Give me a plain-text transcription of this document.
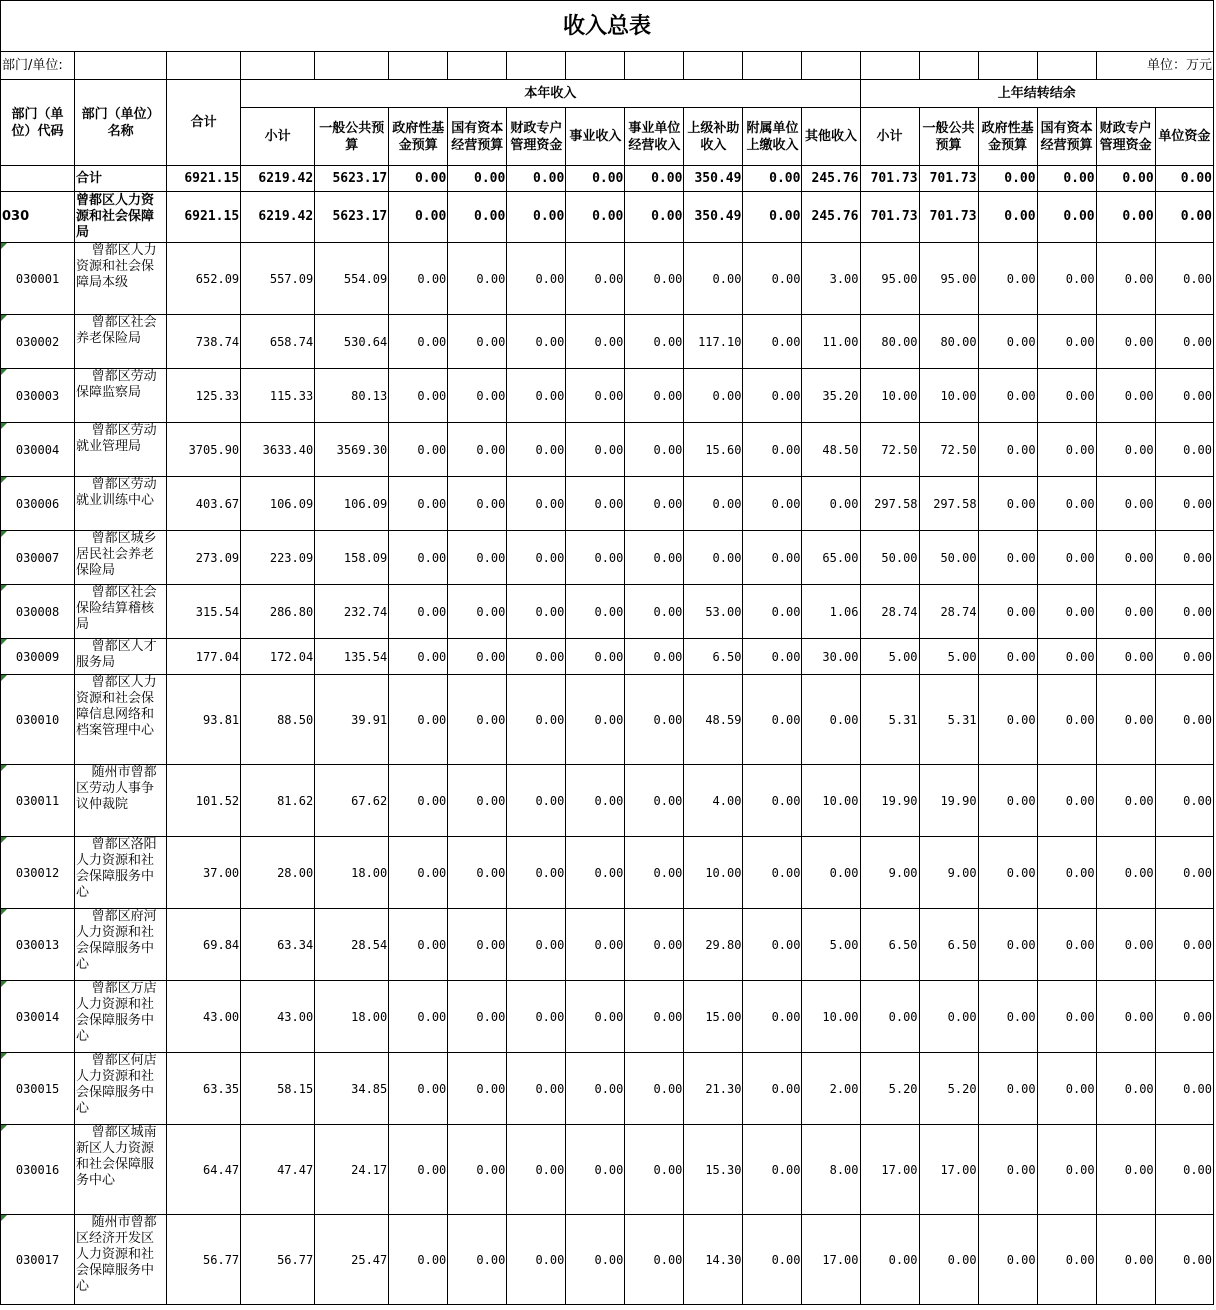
收入总表																		
部门/单位:																	单位：万元	
部门（单位）代码	部门（单位）名称	合计	本年收入										上年结转结余					
			小计	一般公共预算	政府性基金预算	国有资本经营预算	财政专户管理资金	事业收入	事业单位经营收入	上级补助收入	附属单位上缴收入	其他收入	小计	一般公共预算	政府性基金预算	国有资本经营预算	财政专户管理资金	单位资金
	合计	6921.15	6219.42	5623.17	0.00	0.00	0.00	0.00	0.00	350.49	0.00	245.76	701.73	701.73	0.00	0.00	0.00	0.00
030	曾都区人力资源和社会保障局	6921.15	6219.42	5623.17	0.00	0.00	0.00	0.00	0.00	350.49	0.00	245.76	701.73	701.73	0.00	0.00	0.00	0.00
030001	曾都区人力资源和社会保障局本级	652.09	557.09	554.09	0.00	0.00	0.00	0.00	0.00	0.00	0.00	3.00	95.00	95.00	0.00	0.00	0.00	0.00
030002	曾都区社会养老保险局	738.74	658.74	530.64	0.00	0.00	0.00	0.00	0.00	117.10	0.00	11.00	80.00	80.00	0.00	0.00	0.00	0.00
030003	曾都区劳动保障监察局	125.33	115.33	80.13	0.00	0.00	0.00	0.00	0.00	0.00	0.00	35.20	10.00	10.00	0.00	0.00	0.00	0.00
030004	曾都区劳动就业管理局	3705.90	3633.40	3569.30	0.00	0.00	0.00	0.00	0.00	15.60	0.00	48.50	72.50	72.50	0.00	0.00	0.00	0.00
030006	曾都区劳动就业训练中心	403.67	106.09	106.09	0.00	0.00	0.00	0.00	0.00	0.00	0.00	0.00	297.58	297.58	0.00	0.00	0.00	0.00
030007	曾都区城乡居民社会养老保险局	273.09	223.09	158.09	0.00	0.00	0.00	0.00	0.00	0.00	0.00	65.00	50.00	50.00	0.00	0.00	0.00	0.00
030008	曾都区社会保险结算稽核局	315.54	286.80	232.74	0.00	0.00	0.00	0.00	0.00	53.00	0.00	1.06	28.74	28.74	0.00	0.00	0.00	0.00
030009	曾都区人才服务局	177.04	172.04	135.54	0.00	0.00	0.00	0.00	0.00	6.50	0.00	30.00	5.00	5.00	0.00	0.00	0.00	0.00
030010	曾都区人力资源和社会保障信息网络和档案管理中心	93.81	88.50	39.91	0.00	0.00	0.00	0.00	0.00	48.59	0.00	0.00	5.31	5.31	0.00	0.00	0.00	0.00
030011	随州市曾都区劳动人事争议仲裁院	101.52	81.62	67.62	0.00	0.00	0.00	0.00	0.00	4.00	0.00	10.00	19.90	19.90	0.00	0.00	0.00	0.00
030012	曾都区洛阳人力资源和社会保障服务中心	37.00	28.00	18.00	0.00	0.00	0.00	0.00	0.00	10.00	0.00	0.00	9.00	9.00	0.00	0.00	0.00	0.00
030013	曾都区府河人力资源和社会保障服务中心	69.84	63.34	28.54	0.00	0.00	0.00	0.00	0.00	29.80	0.00	5.00	6.50	6.50	0.00	0.00	0.00	0.00
030014	曾都区万店人力资源和社会保障服务中心	43.00	43.00	18.00	0.00	0.00	0.00	0.00	0.00	15.00	0.00	10.00	0.00	0.00	0.00	0.00	0.00	0.00
030015	曾都区何店人力资源和社会保障服务中心	63.35	58.15	34.85	0.00	0.00	0.00	0.00	0.00	21.30	0.00	2.00	5.20	5.20	0.00	0.00	0.00	0.00
030016	曾都区城南新区人力资源和社会保障服务中心	64.47	47.47	24.17	0.00	0.00	0.00	0.00	0.00	15.30	0.00	8.00	17.00	17.00	0.00	0.00	0.00	0.00
030017	随州市曾都区经济开发区人力资源和社会保障服务中心	56.77	56.77	25.47	0.00	0.00	0.00	0.00	0.00	14.30	0.00	17.00	0.00	0.00	0.00	0.00	0.00	0.00
